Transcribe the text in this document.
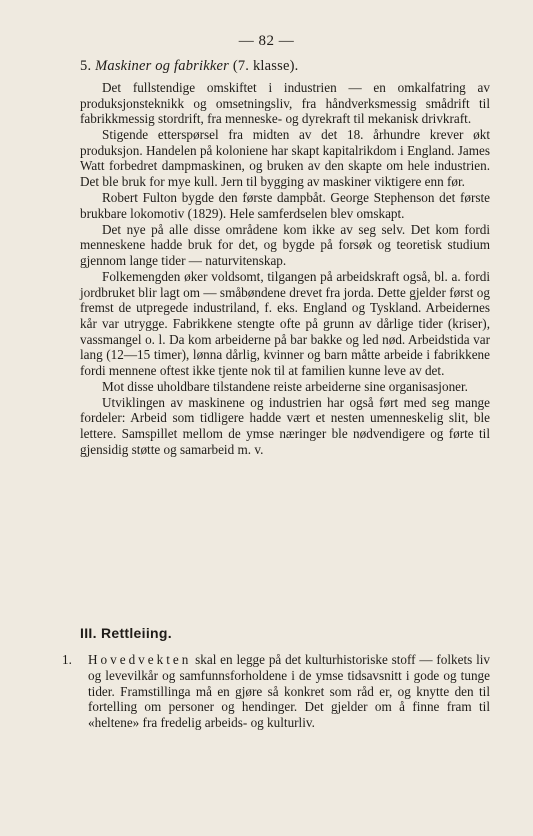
— 82 —
5. Maskiner og fabrikker (7. klasse).

Det fullstendige omskiftet i industrien — en omkalfatring av produksjonsteknikk og omsetningsliv, fra håndverksmessig smådrift til fabrikkmessig stordrift, fra menneske- og dyrekraft til mekanisk drivkraft.

Stigende etterspørsel fra midten av det 18. århundre krever økt produksjon. Handelen på koloniene har skapt kapitalrikdom i England. James Watt forbedret dampmaskinen, og bruken av den skapte om hele industrien. Det ble bruk for mye kull. Jern til bygging av maskiner viktigere enn før.

Robert Fulton bygde den første dampbåt. George Stephenson det første brukbare lokomotiv (1829). Hele samferdselen blev omskapt.

Det nye på alle disse områdene kom ikke av seg selv. Det kom fordi menneskene hadde bruk for det, og bygde på forsøk og teoretisk studium gjennom lange tider — naturvitenskap.

Folkemengden øker voldsomt, tilgangen på arbeidskraft også, bl. a. fordi jordbruket blir lagt om — småbøndene drevet fra jorda. Dette gjelder først og fremst de utpregede industriland, f. eks. England og Tyskland. Arbeidernes kår var utrygge. Fabrikkene stengte ofte på grunn av dårlige tider (kriser), vassmangel o. l. Da kom arbeiderne på bar bakke og led nød. Arbeidstida var lang (12—15 timer), lønna dårlig, kvinner og barn måtte arbeide i fabrikkene fordi mennene oftest ikke tjente nok til at familien kunne leve av det.

Mot disse uholdbare tilstandene reiste arbeiderne sine organisasjoner.

Utviklingen av maskinene og industrien har også ført med seg mange fordeler: Arbeid som tidligere hadde vært et nesten umenneskelig slit, ble lettere. Samspillet mellom de ymse næringer ble nødvendigere og førte til gjensidig støtte og samarbeid m. v.

III. Rettleiing.
1.	Hovedvekten skal en legge på det kulturhistoriske stoff — folkets liv og levevilkår og samfunnsforholdene i de ymse tidsavsnitt i gode og tunge tider. Framstillinga må en gjøre så konkret som råd er, og knytte den til fortelling om personer og hendinger. Det gjelder om å finne fram til «heltene» fra fredelig arbeids- og kulturliv.
